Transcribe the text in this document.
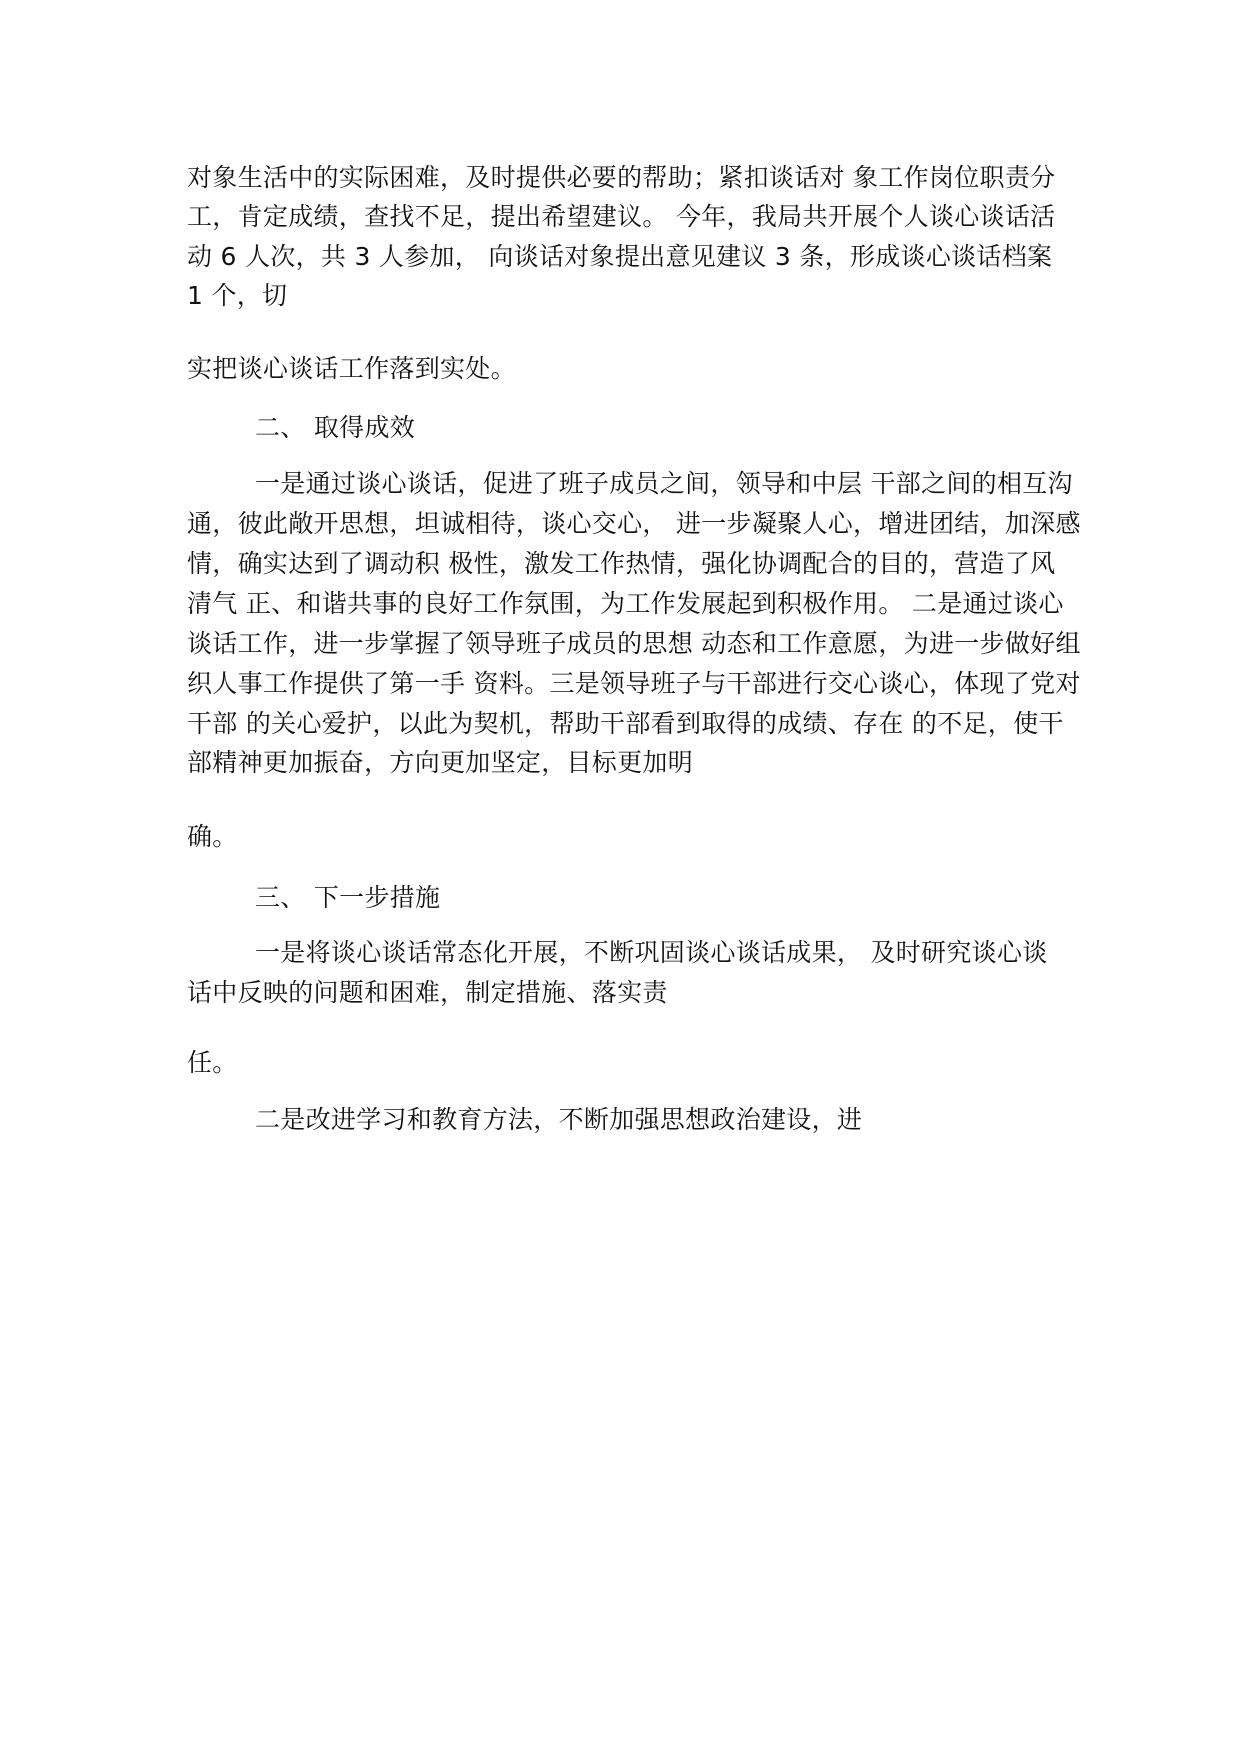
对象生活中的实际困难，及时提供必要的帮助；紧扣谈话对 象工作岗位职责分

工，肯定成绩，查找不足，提出希望建议。 今年，我局共开展个人谈心谈话活

动 6 人次，共 3 人参加， 向谈话对象提出意见建议 3 条，形成谈心谈话档案

1 个，切

实把谈心谈话工作落到实处。

二、 取得成效

一是通过谈心谈话，促进了班子成员之间，领导和中层 干部之间的相互沟

通，彼此敞开思想，坦诚相待，谈心交心， 进一步凝聚人心，增进团结，加深感

情，确实达到了调动积 极性，激发工作热情，强化协调配合的目的，营造了风

清气 正、和谐共事的良好工作氛围，为工作发展起到积极作用。 二是通过谈心

谈话工作，进一步掌握了领导班子成员的思想 动态和工作意愿，为进一步做好组

织人事工作提供了第一手 资料。三是领导班子与干部进行交心谈心，体现了党对

干部 的关心爱护，以此为契机，帮助干部看到取得的成绩、存在 的不足，使干

部精神更加振奋，方向更加坚定，目标更加明

确。

三、 下一步措施

一是将谈心谈话常态化开展，不断巩固谈心谈话成果， 及时研究谈心谈

话中反映的问题和困难，制定措施、落实责

任。

二是改进学习和教育方法，不断加强思想政治建设，进
